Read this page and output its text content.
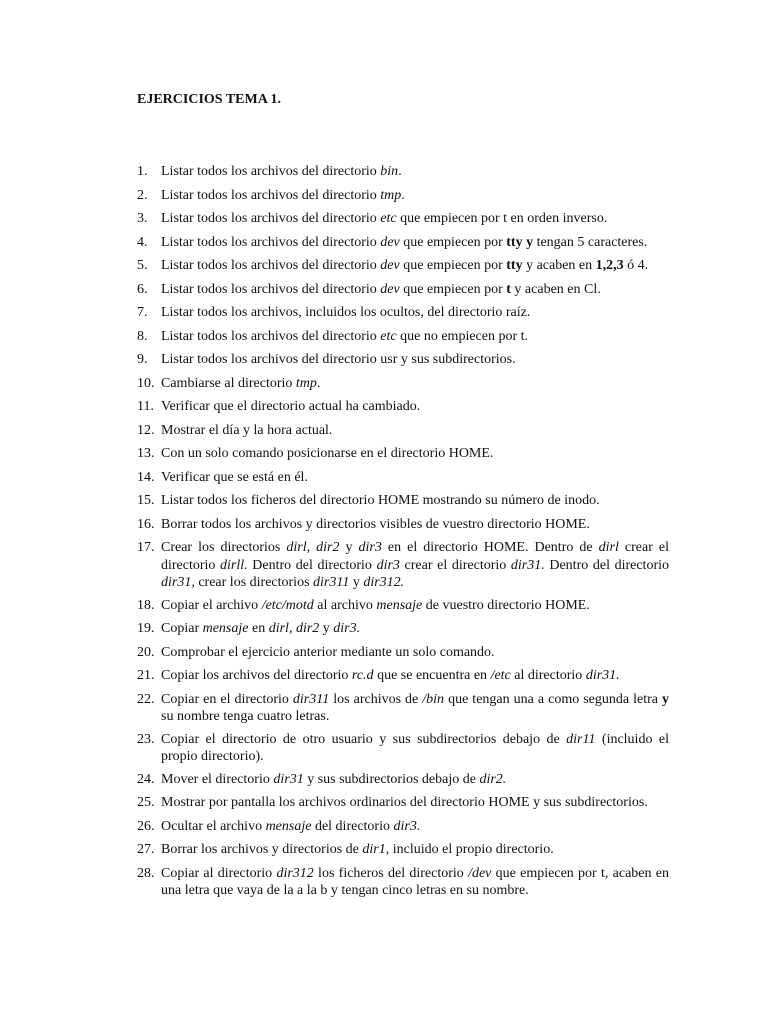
EJERCICIOS TEMA 1.
1. Listar todos los archivos del directorio bin.
2. Listar todos los archivos del directorio tmp.
3. Listar todos los archivos del directorio etc que empiecen por t en orden inverso.
4. Listar todos los archivos del directorio dev que empiecen por tty y tengan 5 caracteres.
5. Listar todos los archivos del directorio dev que empiecen por tty y acaben en 1,2,3 ó 4.
6. Listar todos los archivos del directorio dev que empiecen por t y acaben en Cl.
7. Listar todos los archivos, incluidos los ocultos, del directorio raíz.
8. Listar todos los archivos del directorio etc que no empiecen por t.
9. Listar todos los archivos del directorio usr y sus subdirectorios.
10. Cambiarse al directorio tmp.
11. Verificar que el directorio actual ha cambiado.
12. Mostrar el día y la hora actual.
13. Con un solo comando posicionarse en el directorio HOME.
14. Verificar que se está en él.
15. Listar todos los ficheros del directorio HOME mostrando su número de inodo.
16. Borrar todos los archivos y directorios visibles de vuestro directorio HOME.
17. Crear los directorios dirl, dir2 y dir3 en el directorio HOME. Dentro de dirl crear el directorio dirll. Dentro del directorio dir3 crear el directorio dir31. Dentro del directorio dir31, crear los directorios dir311 y dir312.
18. Copiar el archivo /etc/motd al archivo mensaje de vuestro directorio HOME.
19. Copiar mensaje en dirl, dir2 y dir3.
20. Comprobar el ejercicio anterior mediante un solo comando.
21. Copiar los archivos del directorio rc.d que se encuentra en /etc al directorio dir31.
22. Copiar en el directorio dir311 los archivos de /bin que tengan una a como segunda letra y su nombre tenga cuatro letras.
23. Copiar el directorio de otro usuario y sus subdirectorios debajo de dir11 (incluido el propio directorio).
24. Mover el directorio dir31 y sus subdirectorios debajo de dir2.
25. Mostrar por pantalla los archivos ordinarios del directorio HOME y sus subdirectorios.
26. Ocultar el archivo mensaje del directorio dir3.
27. Borrar los archivos y directorios de dir1, incluido el propio directorio.
28. Copiar al directorio dir312 los ficheros del directorio /dev que empiecen por t, acaben en una letra que vaya de la a la b y tengan cinco letras en su nombre.
